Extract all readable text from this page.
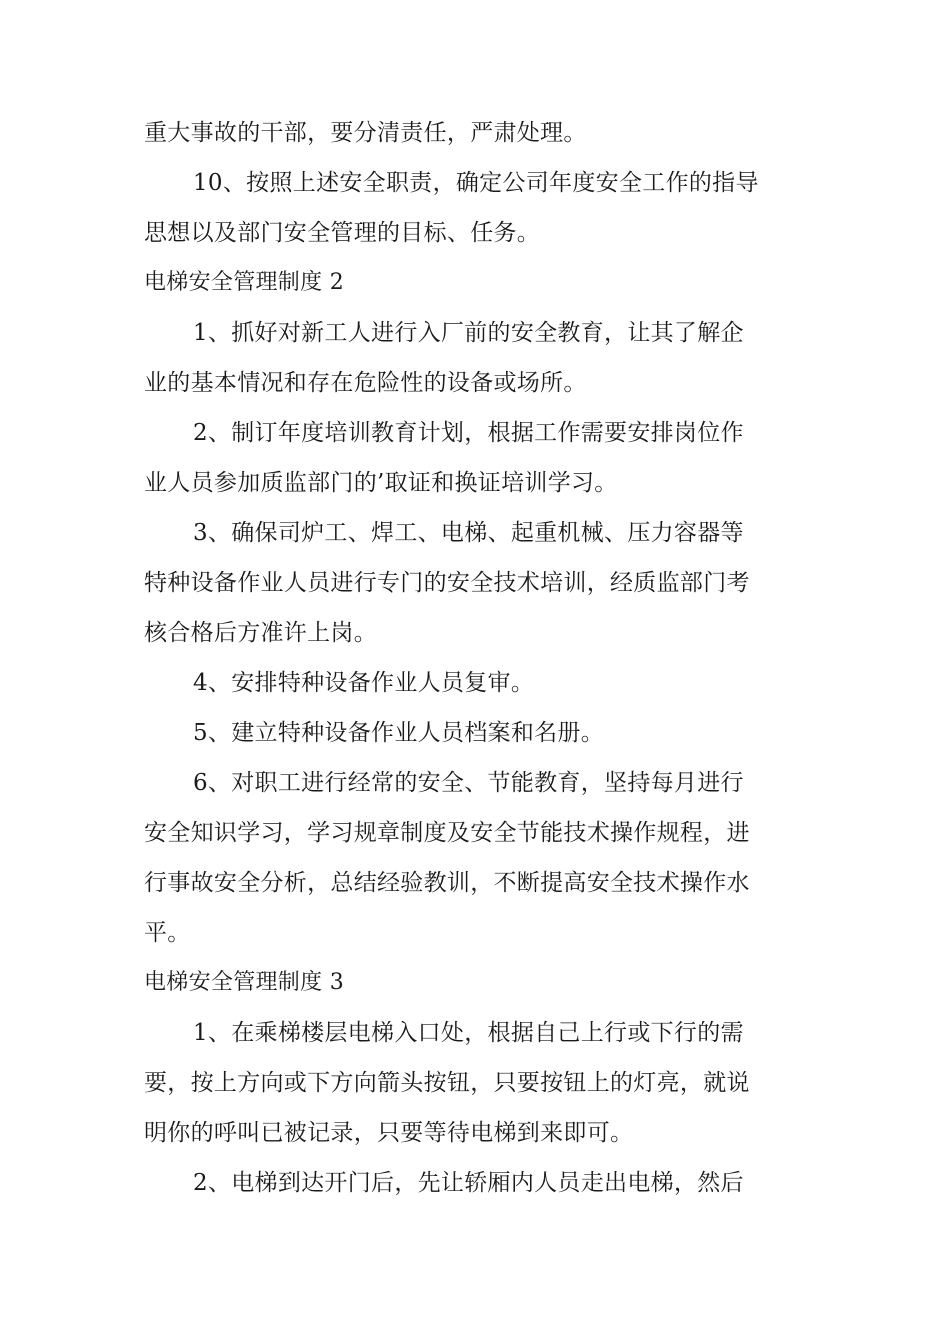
重大事故的干部，要分清责任，严肃处理。
10、按照上述安全职责，确定公司年度安全工作的指导
思想以及部门安全管理的目标、任务。
电梯安全管理制度 2
1、抓好对新工人进行入厂前的安全教育，让其了解企
业的基本情况和存在危险性的设备或场所。
2、制订年度培训教育计划，根据工作需要安排岗位作
业人员参加质监部门的’取证和换证培训学习。
3、确保司炉工、焊工、电梯、起重机械、压力容器等
特种设备作业人员进行专门的安全技术培训，经质监部门考
核合格后方准许上岗。
4、安排特种设备作业人员复审。
5、建立特种设备作业人员档案和名册。
6、对职工进行经常的安全、节能教育，坚持每月进行
安全知识学习，学习规章制度及安全节能技术操作规程，进
行事故安全分析，总结经验教训，不断提高安全技术操作水
平。
电梯安全管理制度 3
1、在乘梯楼层电梯入口处，根据自己上行或下行的需
要，按上方向或下方向箭头按钮，只要按钮上的灯亮，就说
明你的呼叫已被记录，只要等待电梯到来即可。
2、电梯到达开门后，先让轿厢内人员走出电梯，然后
